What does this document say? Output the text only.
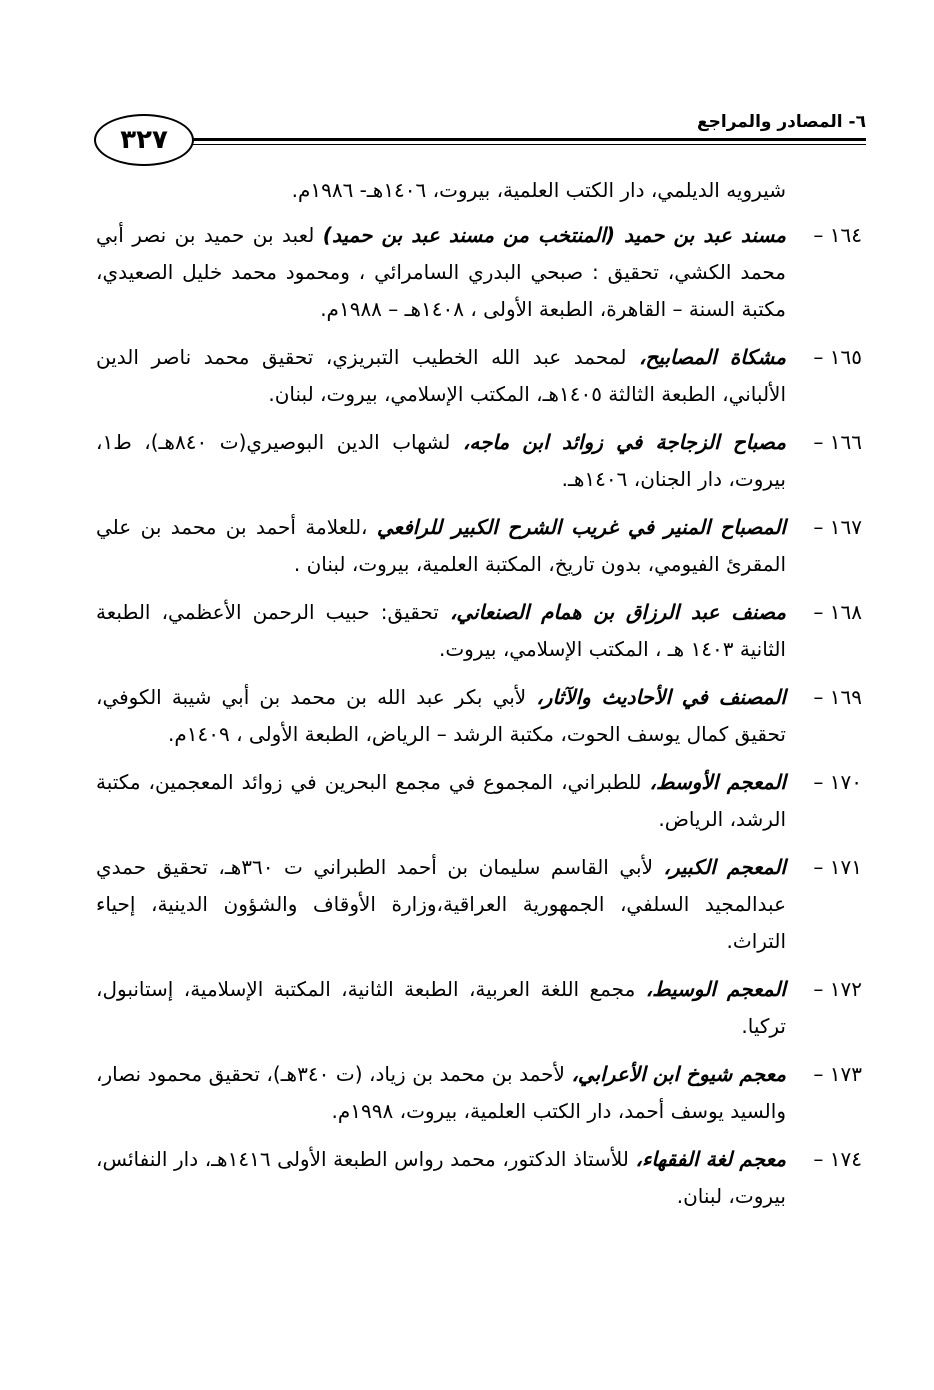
٣٢٧
٦- المصادر والمراجع
شيرويه الديلمي، دار الكتب العلمية، بيروت، ١٤٠٦هـ- ١٩٨٦م.
١٦٤ –
مسند عبد بن حميد (المنتخب من مسند عبد بن حميد) لعبد بن حميد بن نصر أبي محمد الكشي، تحقيق : صبحي البدري السامرائي ، ومحمود محمد خليل الصعيدي، مكتبة السنة – القاهرة، الطبعة الأولى ، ١٤٠٨هـ – ١٩٨٨م.
١٦٥ –
مشكاة المصابيح، لمحمد عبد الله الخطيب التبريزي، تحقيق محمد ناصر الدين الألباني، الطبعة الثالثة ١٤٠٥هـ، المكتب الإسلامي، بيروت، لبنان.
١٦٦ –
مصباح الزجاجة في زوائد ابن ماجه، لشهاب الدين البوصيري(ت ٨٤٠هـ)، ط١، بيروت، دار الجنان، ١٤٠٦هـ.
١٦٧ –
المصباح المنير في غريب الشرح الكبير للرافعي ،للعلامة أحمد بن محمد بن علي المقرئ الفيومي، بدون تاريخ، المكتبة العلمية، بيروت، لبنان .
١٦٨ –
مصنف عبد الرزاق بن همام الصنعاني، تحقيق: حبيب الرحمن الأعظمي، الطبعة الثانية ١٤٠٣ هـ ، المكتب الإسلامي، بيروت.
١٦٩ –
المصنف في الأحاديث والآثار، لأبي بكر عبد الله بن محمد بن أبي شيبة الكوفي، تحقيق كمال يوسف الحوت، مكتبة الرشد – الرياض، الطبعة الأولى ، ١٤٠٩م.
١٧٠ –
المعجم الأوسط، للطبراني، المجموع في مجمع البحرين في زوائد المعجمين، مكتبة الرشد، الرياض.
١٧١ –
المعجم الكبير، لأبي القاسم سليمان بن أحمد الطبراني ت ٣٦٠هـ، تحقيق حمدي عبدالمجيد السلفي، الجمهورية العراقية،وزارة الأوقاف والشؤون الدينية، إحياء التراث.
١٧٢ –
المعجم الوسيط، مجمع اللغة العربية، الطبعة الثانية، المكتبة الإسلامية، إستانبول، تركيا.
١٧٣ –
معجم شيوخ ابن الأعرابي، لأحمد بن محمد بن زياد، (ت ٣٤٠هـ)، تحقيق محمود نصار، والسيد يوسف أحمد، دار الكتب العلمية، بيروت، ١٩٩٨م.
١٧٤ –
معجم لغة الفقهاء، للأستاذ الدكتور، محمد رواس الطبعة الأولى ١٤١٦هـ، دار النفائس، بيروت، لبنان.
